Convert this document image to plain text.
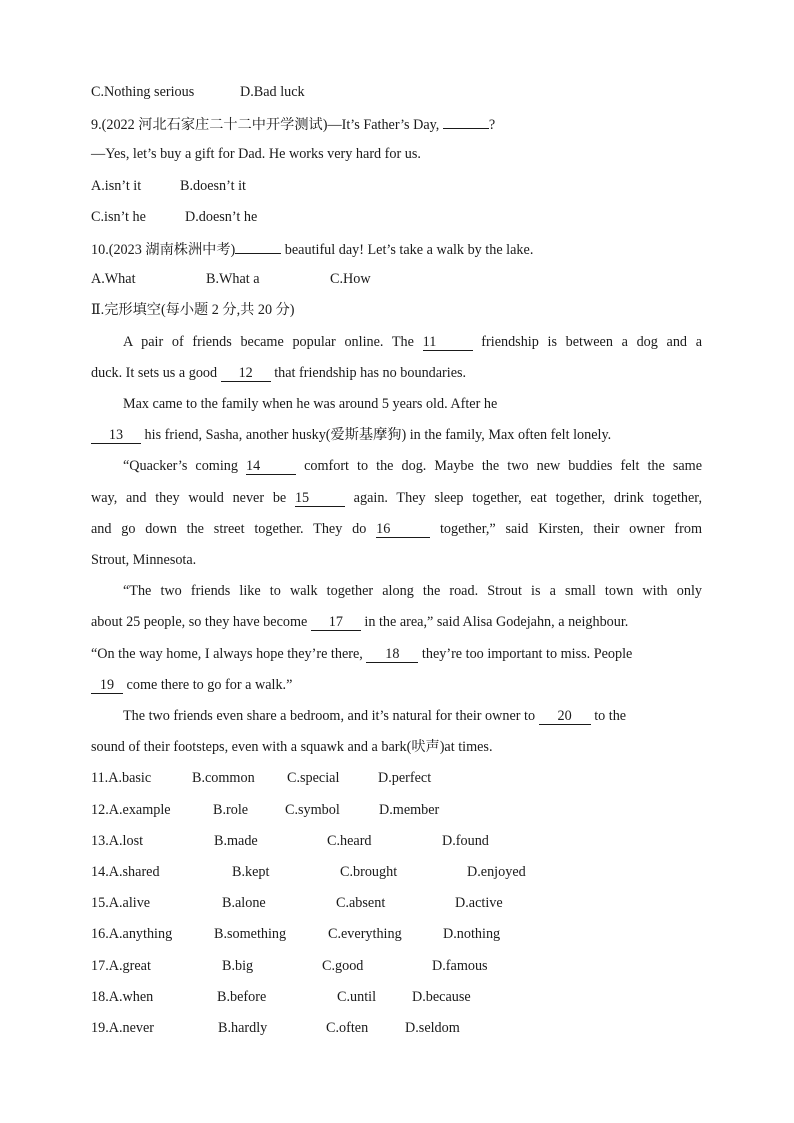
C.Nothing serious	D.Bad luck
9.(2022 河北石家庄二十二中开学测试)—It’s Father’s Day,	?
—Yes, let’s buy a gift for Dad. He works very hard for us.
A.isn’t it	B.doesn’t it
C.isn’t he	D.doesn’t he
10.(2023 湖南株洲中考)	beautiful day! Let’s take a walk by the lake.
A.What	B.What a	C.How
Ⅱ.完形填空(每小题 2 分,共 20 分)
A pair of friends became popular online. The 11	friendship is between a dog and a
duck. It sets us a good 12 that friendship has no boundaries.
Max came to the family when he was around 5 years old. After he
13 his friend, Sasha, another husky(爱斯基摩狗) in the family, Max often felt lonely.
“Quacker’s coming 14	comfort to the dog. Maybe the two new buddies felt the same
way, and they would never be 15	again. They sleep together, eat together, drink together,
and go down the street together. They do 16	together,” said Kirsten, their owner from
Strout, Minnesota.
“The two friends like to walk together along the road. Strout is a small town with only
about 25 people, so they have become 17 in the area,” said Alisa Godejahn, a neighbour.
“On the way home, I always hope they’re there, 18 they’re too important to miss. People
19 come there to go for a walk.”
The two friends even share a bedroom, and it’s natural for their owner to 20 to the
sound of their footsteps, even with a squawk and a bark(吠声)at times.
11.A.basic	B.common C.special	D.perfect
12.A.example	B.role	C.symbol	D.member
13.A.lost	B.made	C.heard	D.found
14.A.shared	B.kept	C.brought	D.enjoyed
15.A.alive	B.alone	C.absent	D.active
16.A.anything	B.something	C.everything	D.nothing
17.A.great	B.big	C.good	D.famous
18.A.when	B.before	C.until	D.because
19.A.never	B.hardly	C.often	D.seldom
